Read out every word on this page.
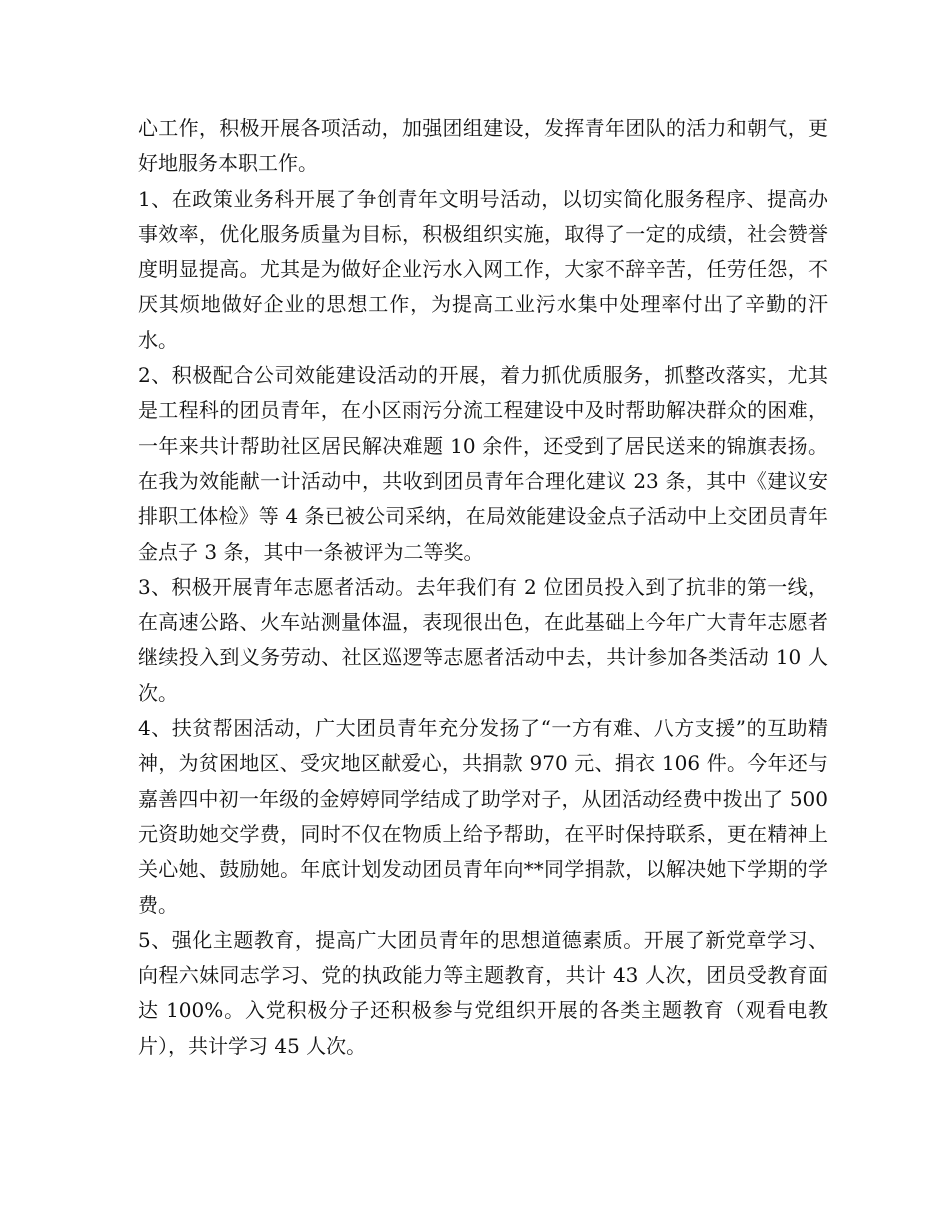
心工作，积极开展各项活动，加强团组建设，发挥青年团队的活力和朝气，更好地服务本职工作。

1、在政策业务科开展了争创青年文明号活动，以切实简化服务程序、提高办事效率，优化服务质量为目标，积极组织实施，取得了一定的成绩，社会赞誉度明显提高。尤其是为做好企业污水入网工作，大家不辞辛苦，任劳任怨，不厌其烦地做好企业的思想工作，为提高工业污水集中处理率付出了辛勤的汗水。

2、积极配合公司效能建设活动的开展，着力抓优质服务，抓整改落实，尤其是工程科的团员青年，在小区雨污分流工程建设中及时帮助解决群众的困难，一年来共计帮助社区居民解决难题 10 余件，还受到了居民送来的锦旗表扬。在我为效能献一计活动中，共收到团员青年合理化建议 23 条，其中《建议安排职工体检》等 4 条已被公司采纳，在局效能建设金点子活动中上交团员青年金点子 3 条，其中一条被评为二等奖。

3、积极开展青年志愿者活动。去年我们有 2 位团员投入到了抗非的第一线，在高速公路、火车站测量体温，表现很出色，在此基础上今年广大青年志愿者继续投入到义务劳动、社区巡逻等志愿者活动中去，共计参加各类活动 10 人次。

4、扶贫帮困活动，广大团员青年充分发扬了“一方有难、八方支援”的互助精神，为贫困地区、受灾地区献爱心，共捐款 970 元、捐衣 106 件。今年还与嘉善四中初一年级的金婷婷同学结成了助学对子，从团活动经费中拨出了 500 元资助她交学费，同时不仅在物质上给予帮助，在平时保持联系，更在精神上关心她、鼓励她。年底计划发动团员青年向**同学捐款，以解决她下学期的学费。

5、强化主题教育，提高广大团员青年的思想道德素质。开展了新党章学习、向程六妹同志学习、党的执政能力等主题教育，共计 43 人次，团员受教育面达 100%。入党积极分子还积极参与党组织开展的各类主题教育（观看电教片），共计学习 45 人次。
